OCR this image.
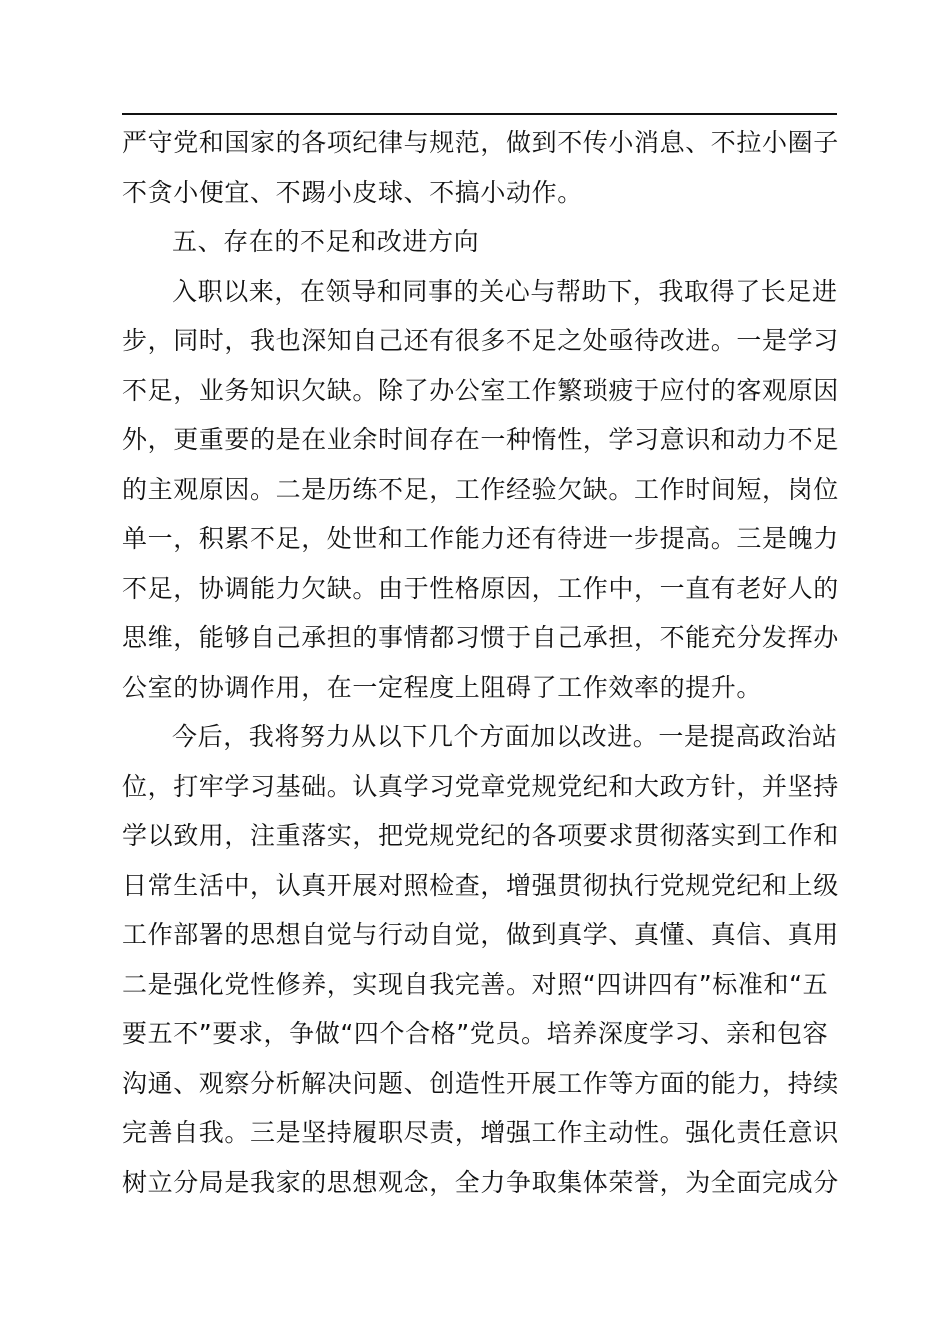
严守党和国家的各项纪律与规范，做到不传小消息、不拉小圈子
不贪小便宜、不踢小皮球、不搞小动作。
五、存在的不足和改进方向
入职以来，在领导和同事的关心与帮助下，我取得了长足进
步，同时，我也深知自己还有很多不足之处亟待改进。一是学习
不足，业务知识欠缺。除了办公室工作繁琐疲于应付的客观原因
外，更重要的是在业余时间存在一种惰性，学习意识和动力不足
的主观原因。二是历练不足，工作经验欠缺。工作时间短，岗位
单一，积累不足，处世和工作能力还有待进一步提高。三是魄力
不足，协调能力欠缺。由于性格原因，工作中，一直有老好人的
思维，能够自己承担的事情都习惯于自己承担，不能充分发挥办
公室的协调作用，在一定程度上阻碍了工作效率的提升。
今后，我将努力从以下几个方面加以改进。一是提高政治站
位，打牢学习基础。认真学习党章党规党纪和大政方针，并坚持
学以致用，注重落实，把党规党纪的各项要求贯彻落实到工作和
日常生活中，认真开展对照检查，增强贯彻执行党规党纪和上级
工作部署的思想自觉与行动自觉，做到真学、真懂、真信、真用
二是强化党性修养，实现自我完善。对照“四讲四有”标准和“五
要五不”要求，争做“四个合格”党员。培养深度学习、亲和包容
沟通、观察分析解决问题、创造性开展工作等方面的能力，持续
完善自我。三是坚持履职尽责，增强工作主动性。强化责任意识
树立分局是我家的思想观念，全力争取集体荣誉，为全面完成分
